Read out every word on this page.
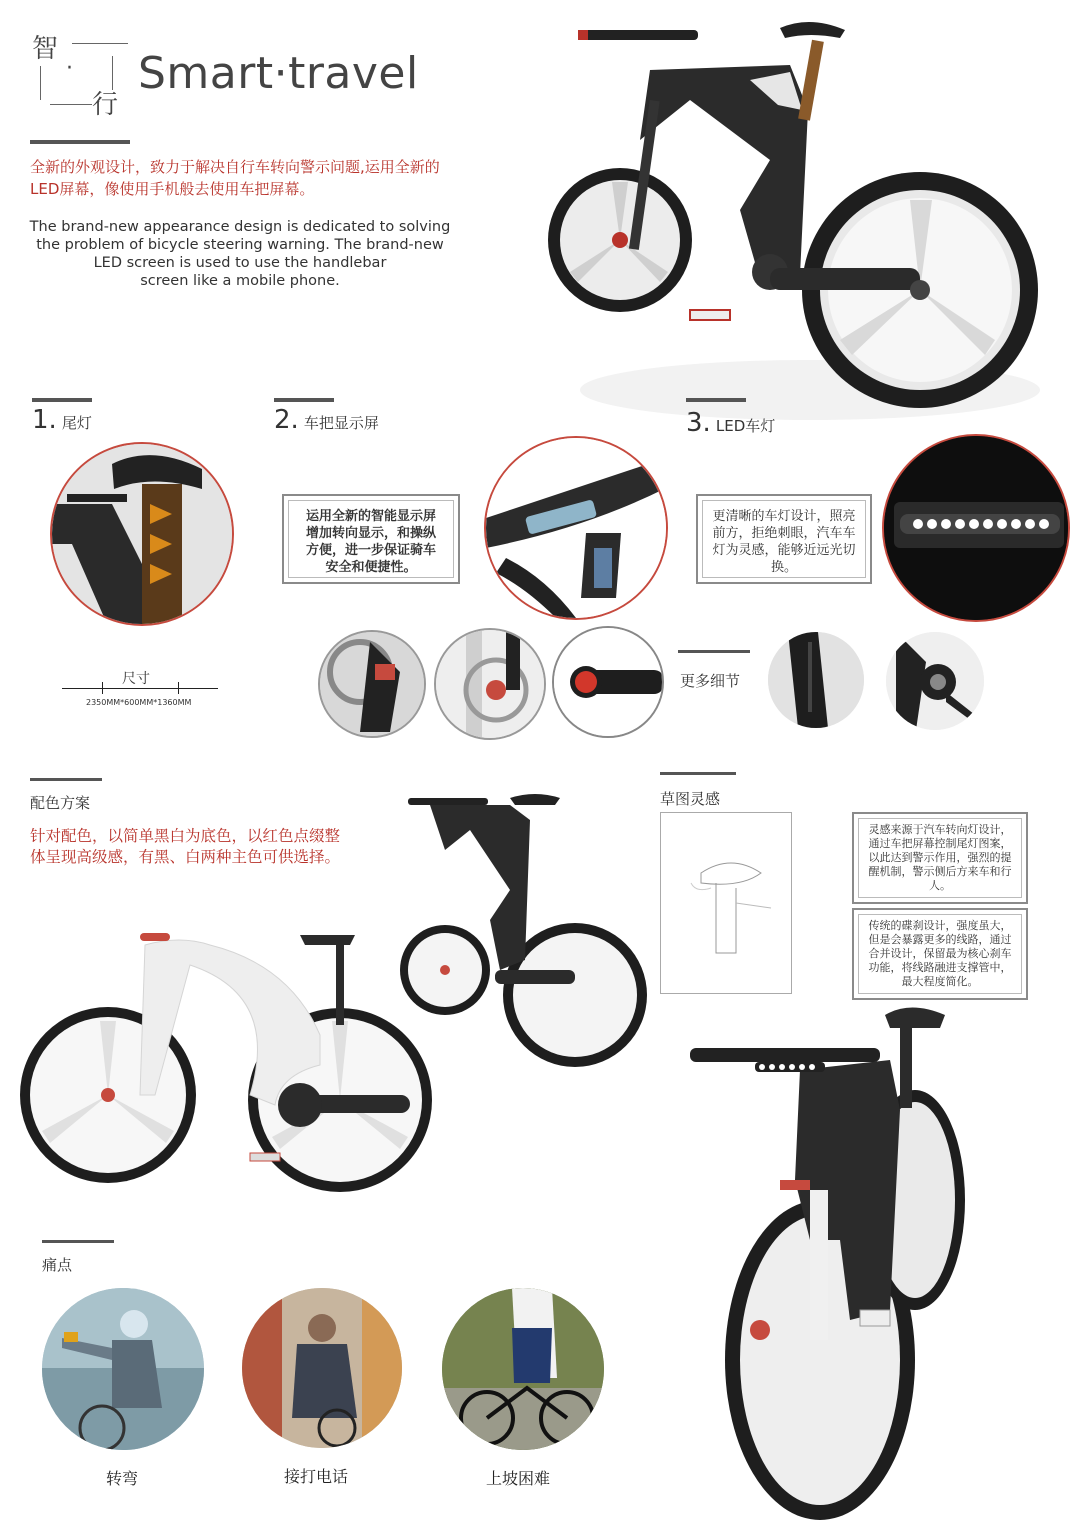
智
·
行
Smart·travel
全新的外观设计，致力于解决自行车转向警示问题,运用全新的LED屏幕，像使用手机般去使用车把屏幕。
The brand-new appearance design is dedicated to solving
the problem of bicycle steering warning. The brand-new
LED screen is used to use the handlebar
screen like a mobile phone.
1. 尾灯	2. 车把显示屏	3. LED车灯
运用全新的智能显示屏增加转向显示，和操纵方便，进一步保证骑车安全和便捷性。
更清晰的车灯设计，照亮前方，拒绝刺眼，汽车车灯为灵感，能够近远光切换。
尺寸
2350MM*600MM*1360MM
更多细节
配色方案
针对配色，以简单黑白为底色，以红色点缀整体呈现高级感，有黑、白两种主色可供选择。
草图灵感
灵感来源于汽车转向灯设计，通过车把屏幕控制尾灯图案，以此达到警示作用，强烈的提醒机制，警示侧后方来车和行人。
传统的碟刹设计，强度虽大，但是会暴露更多的线路，通过合并设计，保留最为核心刹车功能，将线路融进支撑管中，最大程度简化。
痛点
转弯	接打电话	上坡困难
